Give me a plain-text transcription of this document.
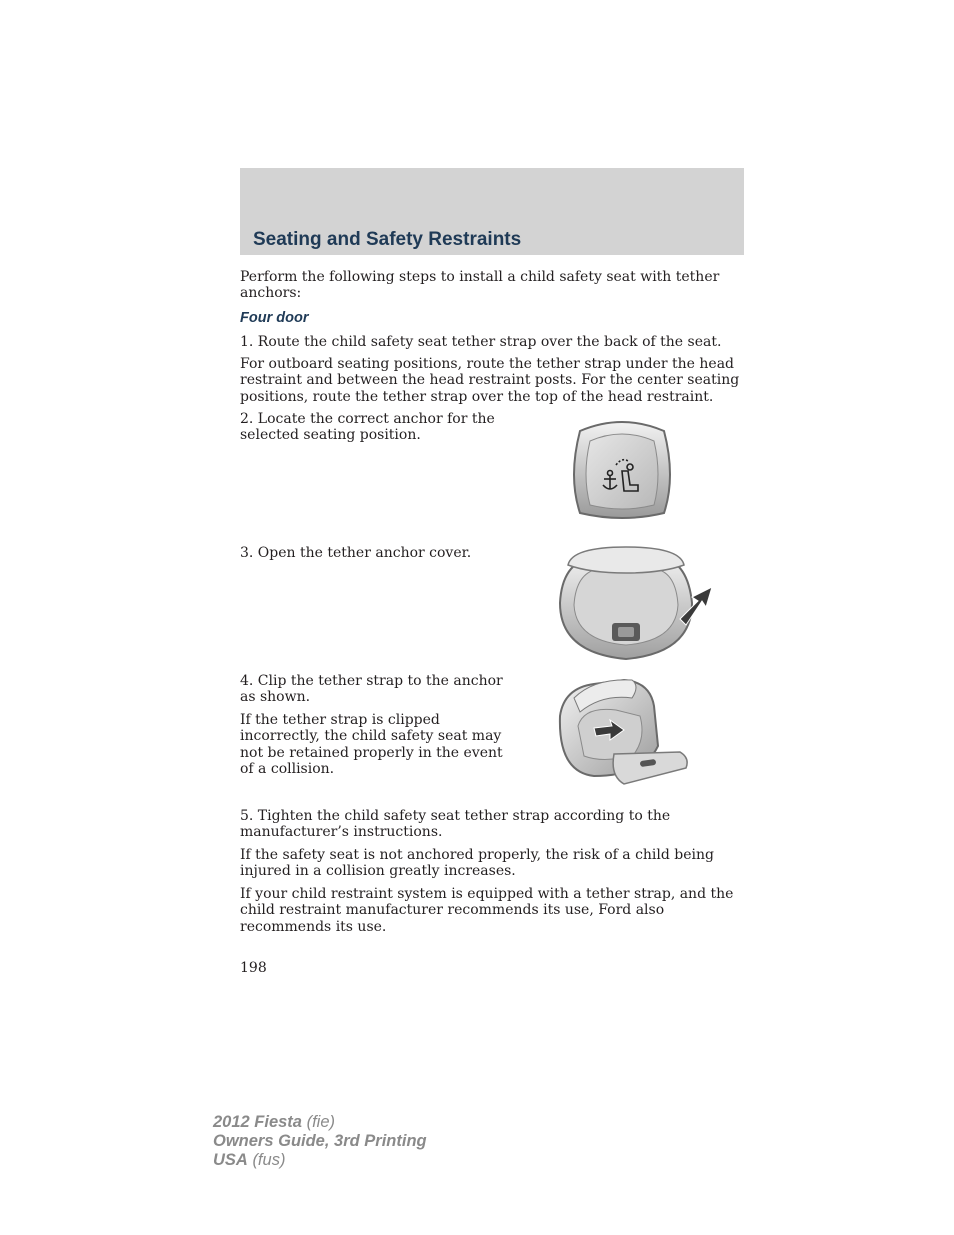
Seating and Safety Restraints

Perform the following steps to install a child safety seat with tether anchors:

Four door

1. Route the child safety seat tether strap over the back of the seat.

For outboard seating positions, route the tether strap under the head restraint and between the head restraint posts. For the center seating positions, route the tether strap over the top of the head restraint.

2. Locate the correct anchor for the selected seating position.

3. Open the tether anchor cover.

4. Clip the tether strap to the anchor as shown.

If the tether strap is clipped incorrectly, the child safety seat may not be retained properly in the event of a collision.

5. Tighten the child safety seat tether strap according to the manufacturer’s instructions.

If the safety seat is not anchored properly, the risk of a child being injured in a collision greatly increases.

If your child restraint system is equipped with a tether strap, and the child restraint manufacturer recommends its use, Ford also recommends its use.

198

2012 Fiesta (fie)
Owners Guide, 3rd Printing
USA (fus)
